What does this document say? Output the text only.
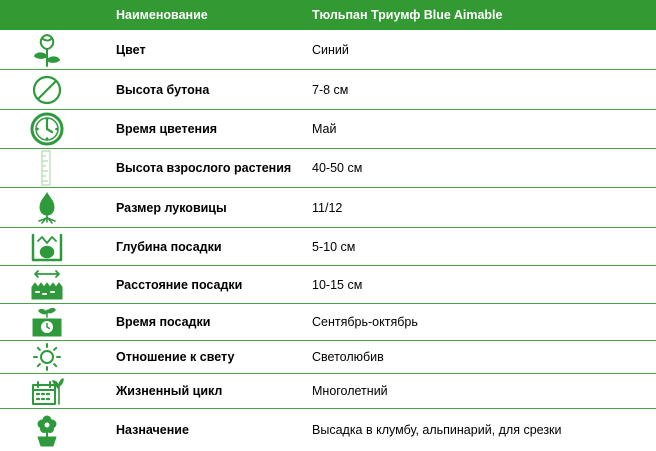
Наименование	Тюльпан Триумф Blue Aimable
Цвет	Синий
Высота бутона	7-8 см
Время цветения	Май
Высота взрослого растения 40-50 см
Размер луковицы	11/12
Глубина посадки	5-10 см
Расстояние посадки	10-15 см
Время посадки	Сентябрь-октябрь
Отношение к свету	Светолюбив
Жизненный цикл	Многолетний
Назначение	Высадка в клумбу, альпинарий, для срезки
